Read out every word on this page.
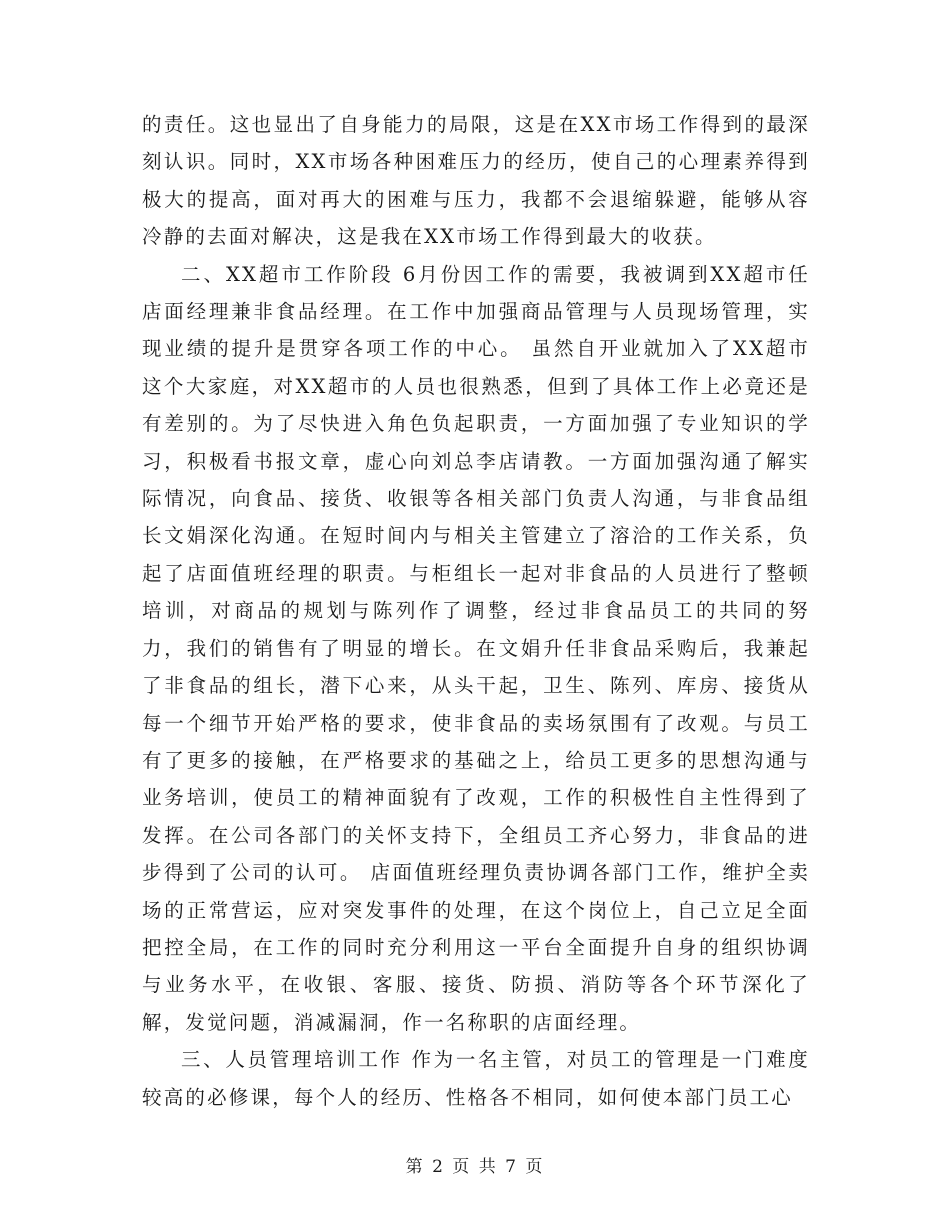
的责任。这也显出了自身能力的局限，这是在XX市场工作得到的最深刻认识。同时，XX市场各种困难压力的经历，使自己的心理素养得到极大的提高，面对再大的困难与压力，我都不会退缩躲避，能够从容冷静的去面对解决，这是我在XX市场工作得到最大的收获。

二、XX超市工作阶段 6月份因工作的需要，我被调到XX超市任店面经理兼非食品经理。在工作中加强商品管理与人员现场管理，实现业绩的提升是贯穿各项工作的中心。 虽然自开业就加入了XX超市这个大家庭，对XX超市的人员也很熟悉，但到了具体工作上必竟还是有差别的。为了尽快进入角色负起职责，一方面加强了专业知识的学习，积极看书报文章，虚心向刘总李店请教。一方面加强沟通了解实际情况，向食品、接货、收银等各相关部门负责人沟通，与非食品组长文娟深化沟通。在短时间内与相关主管建立了溶洽的工作关系，负起了店面值班经理的职责。与柜组长一起对非食品的人员进行了整顿培训，对商品的规划与陈列作了调整，经过非食品员工的共同的努力，我们的销售有了明显的增长。在文娟升任非食品采购后，我兼起了非食品的组长，潜下心来，从头干起，卫生、陈列、库房、接货从每一个细节开始严格的要求，使非食品的卖场氛围有了改观。与员工有了更多的接触，在严格要求的基础之上，给员工更多的思想沟通与业务培训，使员工的精神面貌有了改观，工作的积极性自主性得到了发挥。在公司各部门的关怀支持下，全组员工齐心努力，非食品的进步得到了公司的认可。 店面值班经理负责协调各部门工作，维护全卖场的正常营运，应对突发事件的处理，在这个岗位上，自己立足全面把控全局，在工作的同时充分利用这一平台全面提升自身的组织协调与业务水平，在收银、客服、接货、防损、消防等各个环节深化了解，发觉问题，消减漏洞，作一名称职的店面经理。

三、人员管理培训工作 作为一名主管，对员工的管理是一门难度较高的必修课，每个人的经历、性格各不相同，如何使本部门员工心

第 2 页 共 7 页
